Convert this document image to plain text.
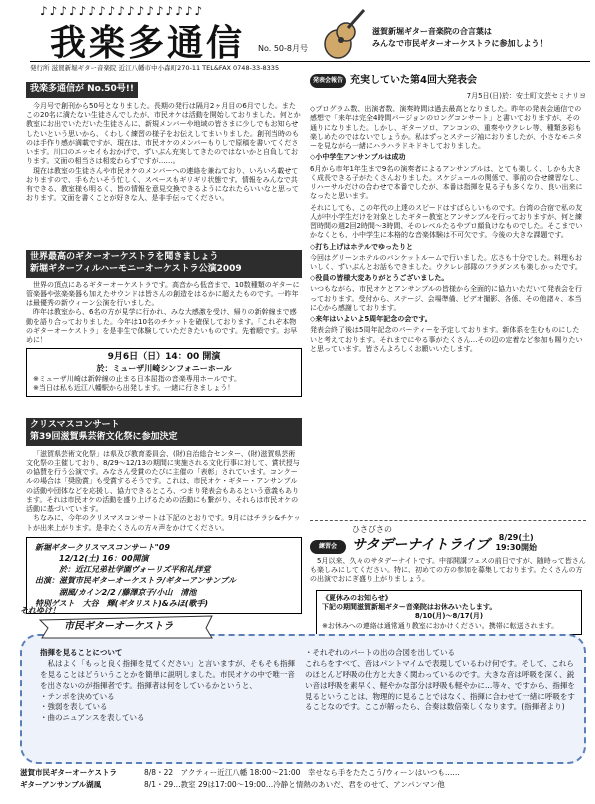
♪♪♪♪♪♪♪♪♪♪♪♪♪♪♪♪♪
我楽多通信 No. 50-8月号
滋賀新堀ギター音楽院の合言葉は
みんなで市民ギターオーケストラに参加しよう！
発行所 滋賀新堀ギター音楽院 近江八幡市中小森町270-11 TEL&FAX 0748-33-8335
我楽多通信が No.50号!!

今月号で創刊から50号となりました。長期の発行は隔月2ヶ月目の6月でした。またこの20名に満たない生徒さんでしたが、市民オケは活動を開始しておりました。何とか教室にお出でいただいた生徒さんに、新規メンバーや地域の皆さまに少しでもお知らせしたいという思いから、くわしく練習の様子をお伝えしてまいりました。創刊当時のものは手作り感が満載ですが、現在は、市民オケのメンバーもりしで原稿を書いてくださいます。川口のエッセイもおかげで、ずいぶん充実してきたのではないかと自負しております。文面の相当さは相変わらずですが……。

現在は教室の生徒さんや市民オケのメンバーへの連絡を兼ねており、いろいろ載せておりますので、手もたいそう忙しく、スペースもギリギリ状態です。情報をみんなで共有できる、教室様も明るく、皆の情報を意見交換できるようになれたらいいなと思っております。文面を書くことが好きな人、是非手伝ってください。

世界最高のギターオーケストラを聞きましょう
新堀ギターフィルハーモニーオーケストラ公演2009

世界の頂点にあるギターオーケストラです。高音から低音まで、10数種類のギターに管楽器や弦楽楽器も加えたサウンドは皆さんの創造をはるかに超えたものです。一昨年は最優秀の新ウィーン公演を行いました。

昨年は教室から、6名の方が見学に行かれ、みな大感激を受け、帰りの新幹線まで感動を語り合っておりました。今年は10名のチケットを確保しております。「これぞ本物のギターオーケストラ」を是非生で体験していただきたいものです。先着順です。お早めに！

9月6日（日）14：00 開演
於：ミューザ川崎シンフォニーホール
※ミューザ川崎は新幹線の止まる日本屈指の音楽専用ホールです。
※当日は私も近江八幡駅から出発します。一緒に行きましょう！
クリスマスコンサート
第39回滋賀県芸術文化祭に参加決定

「滋賀県芸術文化祭」は県及び教育委員会、(財)自治総合センター、(財)滋賀県芸術文化祭の主催しており、8/29〜12/13の期間に実施される文化行事に対して、賞状授与の協賛を行う公演です。みなさん受賞のたびに主催の「表彰」されています。コンクールの場合は「奨励賞」も受賞するそうです。これは、市民オケ・ギター・アンサンブルの活動や団体などを応援し、協力できるところ、つまり発表会もあるという意義もあります。それは市民オケの活動を盛り上げるための活動にも繋がり、それらは市民オケの活動に基づいています。

ちなみに、今年のクリスマスコンサートは下記のとおりです。9月にはチラシ&チケットが出来上がります。是非たくさんの方々声をかけてください。

新堀ギタークリスマスコンサート"09
12/12(土) 16：00開演
於：近江兄弟社学園ヴォーリズ平和礼拝堂
出演：滋賀市民ギターオーケストラ/ギターアンサンブル
湖風/カイン2/2 /藤澤京子/小山　清池
特別ゲスト　大谷　輝(ギタリスト)&みほ(歌手)
発表会報告 充実していた第4回大発表会
7月5日(日)於：安土町文芸セミナリヨ

◇プログラム数、出演者数、演奏時間は過去最高となりました。昨年の発表会通信での感想で「来年は完全4時間バージョンのロングコンサート」と書いておりますが、その通りになりました。しかし、ギターソロ、アンコンの、重奏やウクレレ等、種類多彩も楽しめたのではないでしょうか。私はずっとステージ袖におりましたが、小さなモニターを見ながら一緒にハラハラドキドキしておりました。

◇小中学生アンサンブルは成功

6月から市年1年生まで9名の演奏者によるアンサンブルは、とても楽しく、しかも大きく成長できる子がたくさんおりました。スケジュールの関係で、事前の合せ練習なし、リハーサルだけの合わせで本番でしたが、本番は指揮を見る子も多くなり、良い出来になったと思います。

それにしても、この年代の上達のスピードはすばらしいものです。台湾の合宿で私の友人が中小学生だけを対象としたギター教室とアンサンブルを行っておりますが、何と練習時間の週2回2時間〜3時間、そのレベルたるやプロ顔負けなものでした。そこまでいかなくとも、小中学生に本格的な音楽体験は不可欠です。今後の大きな課題です。

◇打ち上げはホテルでゆったりと

今回はグリーンホテルのバンケットルームで行いました。広さも十分でした。料理もおいしく、ずいぶんとお話もできました。ウクレレ部隊のフラダンスも楽しかったです。

◇役員の皆様大変ありがとうございました。

いつもながら、市民オケとアンサンブルの皆様から全面的に協力いただいて発表会を行っております。受付から、ステージ、会場準備、ビデオ撮影、各係、その他諸々、本当に心から感謝しております。

◇来年はいよいよ5周年記念の会です。

発表会終了後は5周年記念のパーティーを予定しております。新体系を生むものにしたいと考えております。それまでにやる事がたくさん…その辺の定着など参加も賜りたいと思っています。皆さんよろしくお願いいたします。

練習会
ひさびさの
サタデーナイトライブ	8/29(土)
19:30開始

5月以来、久々のサタデーナイトです。中部開講フェスの前日ですが、随時って皆さんも楽しみにしてください。特に、初めての方の参加を募集しております。たくさんの方の出演でおにぎ盛り上がりましょう。

《夏休みのお知らせ》
下記の期間滋賀新堀ギター音楽院はお休みいたします。
8/10(月)〜8/17(月)
※お休みへの連絡は通常通り教室におかけください。携帯に転送されます。
それゆけ！
市民ギターオーケストラ
指揮を見ることについて
私はよく「もっと良く指揮を見てください」と言いますが、そもそも指揮を見ることはどういうことかを簡単に説明しました。市民オケの中で唯一音を出さないのが指揮者です。指揮者は何をしているかというと、
・テンポを決めている
・強弱を表している
・曲のニュアンスを表している
・それぞれのパートの出の合図を出している
これらをすべて、音はパントマイムで表現しているわけ何です。そして、これらのほとんど呼吸の仕方と大きく関わっているのです。大きな音は呼吸を深く、鋭い音は呼吸を素早く、軽やかな部分は呼吸も軽やかに…等々、ですから、指揮を見るということは、物理的に見ることではなく、指揮に合わせて一緒に呼吸をすることなのです。ここが解ったら、合奏は数倍楽しくなります。(指揮者より)
滋賀市民ギターオーケストラ	8/8・22　アクティー近江八幡 18:00〜21:00　幸せなら手をたたこう/ウィーンはいつも……
ギターアンサンブル湖風	8/1・29…教室 29は17:00〜19:00…冷静と情熱のあいだ、君をのせて、アンパンマン他
